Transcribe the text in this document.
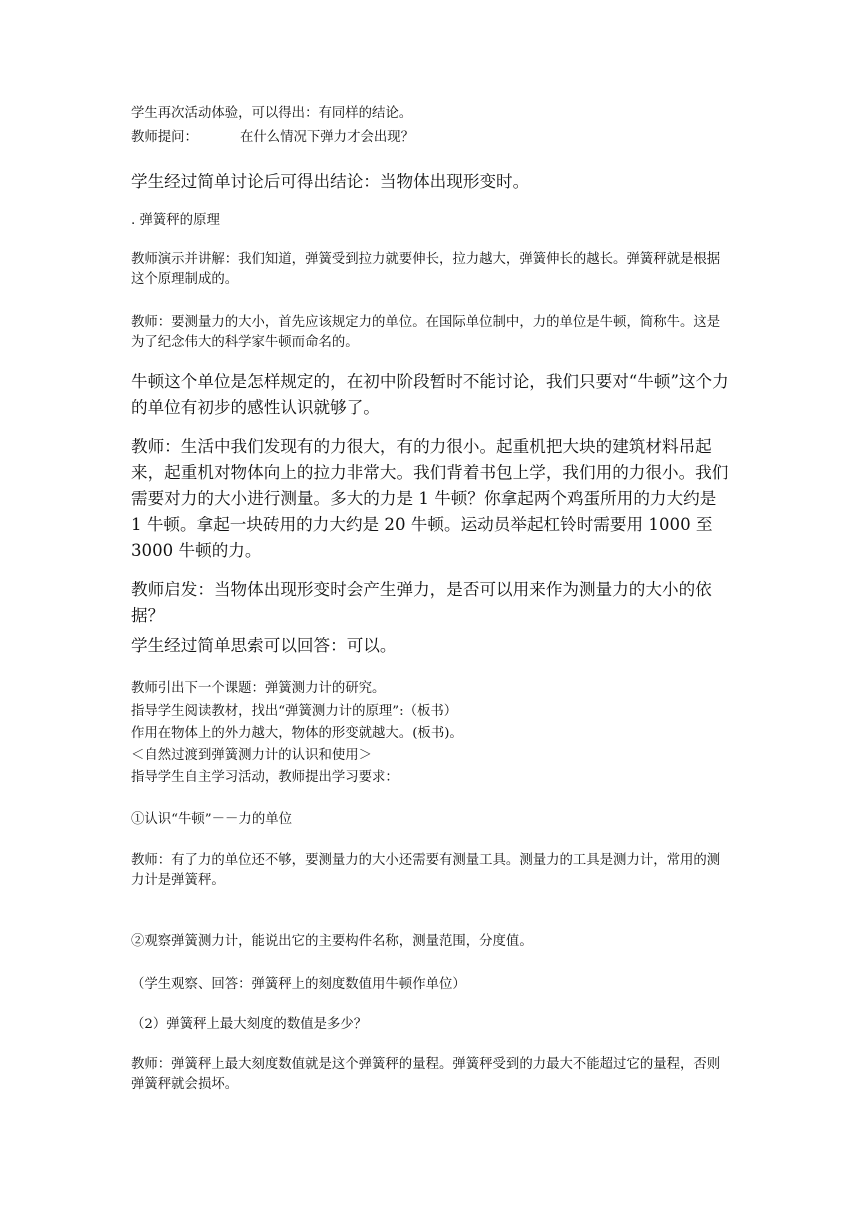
学生再次活动体验，可以得出：有同样的结论。

教师提问：	在什么情况下弹力才会出现？

学生经过简单讨论后可得出结论：当物体出现形变时。

. 弹簧秤的原理

教师演示并讲解：我们知道，弹簧受到拉力就要伸长，拉力越大，弹簧伸长的越长。弹簧秤就是根据这个原理制成的。

教师：要测量力的大小，首先应该规定力的单位。在国际单位制中，力的单位是牛顿，简称牛。这是为了纪念伟大的科学家牛顿而命名的。

牛顿这个单位是怎样规定的，在初中阶段暂时不能讨论，我们只要对“牛顿”这个力的单位有初步的感性认识就够了。

教师：生活中我们发现有的力很大，有的力很小。起重机把大块的建筑材料吊起来，起重机对物体向上的拉力非常大。我们背着书包上学，我们用的力很小。我们需要对力的大小进行测量。多大的力是 1 牛顿？你拿起两个鸡蛋所用的力大约是 1 牛顿。拿起一块砖用的力大约是 20 牛顿。运动员举起杠铃时需要用 1000 至 3000 牛顿的力。

教师启发：当物体出现形变时会产生弹力，是否可以用来作为测量力的大小的依据？

学生经过简单思索可以回答：可以。

教师引出下一个课题：弹簧测力计的研究。

指导学生阅读教材，找出“弹簧测力计的原理”:（板书）

作用在物体上的外力越大，物体的形变就越大。(板书)。

＜自然过渡到弹簧测力计的认识和使用＞

指导学生自主学习活动，教师提出学习要求：

①认识“牛顿”－－力的单位

教师：有了力的单位还不够，要测量力的大小还需要有测量工具。测量力的工具是测力计，常用的测力计是弹簧秤。

②观察弹簧测力计，能说出它的主要构件名称，测量范围，分度值。

（学生观察、回答：弹簧秤上的刻度数值用牛顿作单位）

（2）弹簧秤上最大刻度的数值是多少？

教师：弹簧秤上最大刻度数值就是这个弹簧秤的量程。弹簧秤受到的力最大不能超过它的量程，否则弹簧秤就会损坏。
